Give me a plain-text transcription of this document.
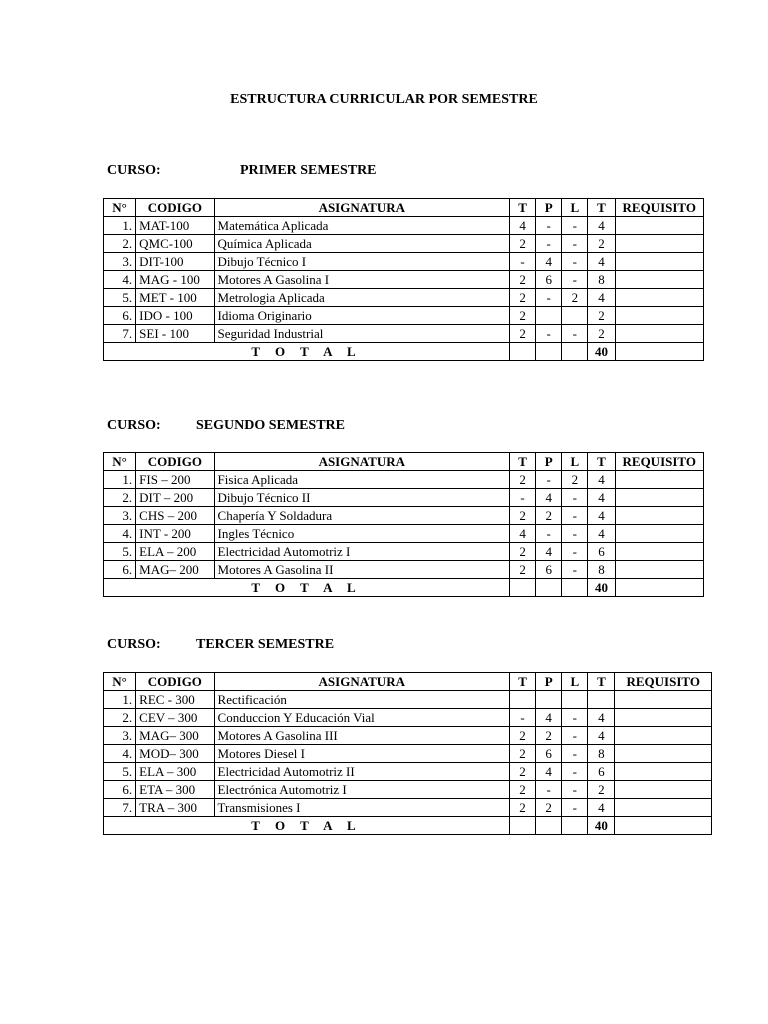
ESTRUCTURA CURRICULAR POR SEMESTRE
CURSO:	PRIMER SEMESTRE
N°	CODIGO	ASIGNATURA	T	P	L	T	REQUISITO
1.	MAT-100	Matemática Aplicada	4	-	-	4	
2.	QMC-100	Química Aplicada	2	-	-	2	
3.	DIT-100	Dibujo Técnico I	-	4	-	4	
4.	MAG - 100	Motores A Gasolina I	2	6	-	8	
5.	MET - 100	Metrologia Aplicada	2	-	2	4	
6.	IDO - 100	Idioma Originario	2			2	
7.	SEI - 100	Seguridad Industrial	2	-	-	2	
T O T A L						40	
CURSO:	SEGUNDO SEMESTRE
N°	CODIGO	ASIGNATURA	T	P	L	T	REQUISITO
1.	FIS – 200	Fisica Aplicada	2	-	2	4	
2.	DIT – 200	Dibujo Técnico II	-	4	-	4	
3.	CHS – 200	Chapería Y Soldadura	2	2	-	4	
4.	INT - 200	Ingles Técnico	4	-	-	4	
5.	ELA – 200	Electricidad Automotriz I	2	4	-	6	
6.	MAG– 200	Motores A Gasolina II	2	6	-	8	
T O T A L						40	
CURSO:	TERCER SEMESTRE
N°	CODIGO	ASIGNATURA	T	P	L	T	REQUISITO
1.	REC - 300	Rectificación					
2.	CEV – 300	Conduccion Y Educación Vial	-	4	-	4	
3.	MAG– 300	Motores A Gasolina III	2	2	-	4	
4.	MOD– 300	Motores Diesel I	2	6	-	8	
5.	ELA – 300	Electricidad Automotriz II	2	4	-	6	
6.	ETA – 300	Electrónica Automotriz I	2	-	-	2	
7.	TRA – 300	Transmisiones I	2	2	-	4	
T O T A L						40	
